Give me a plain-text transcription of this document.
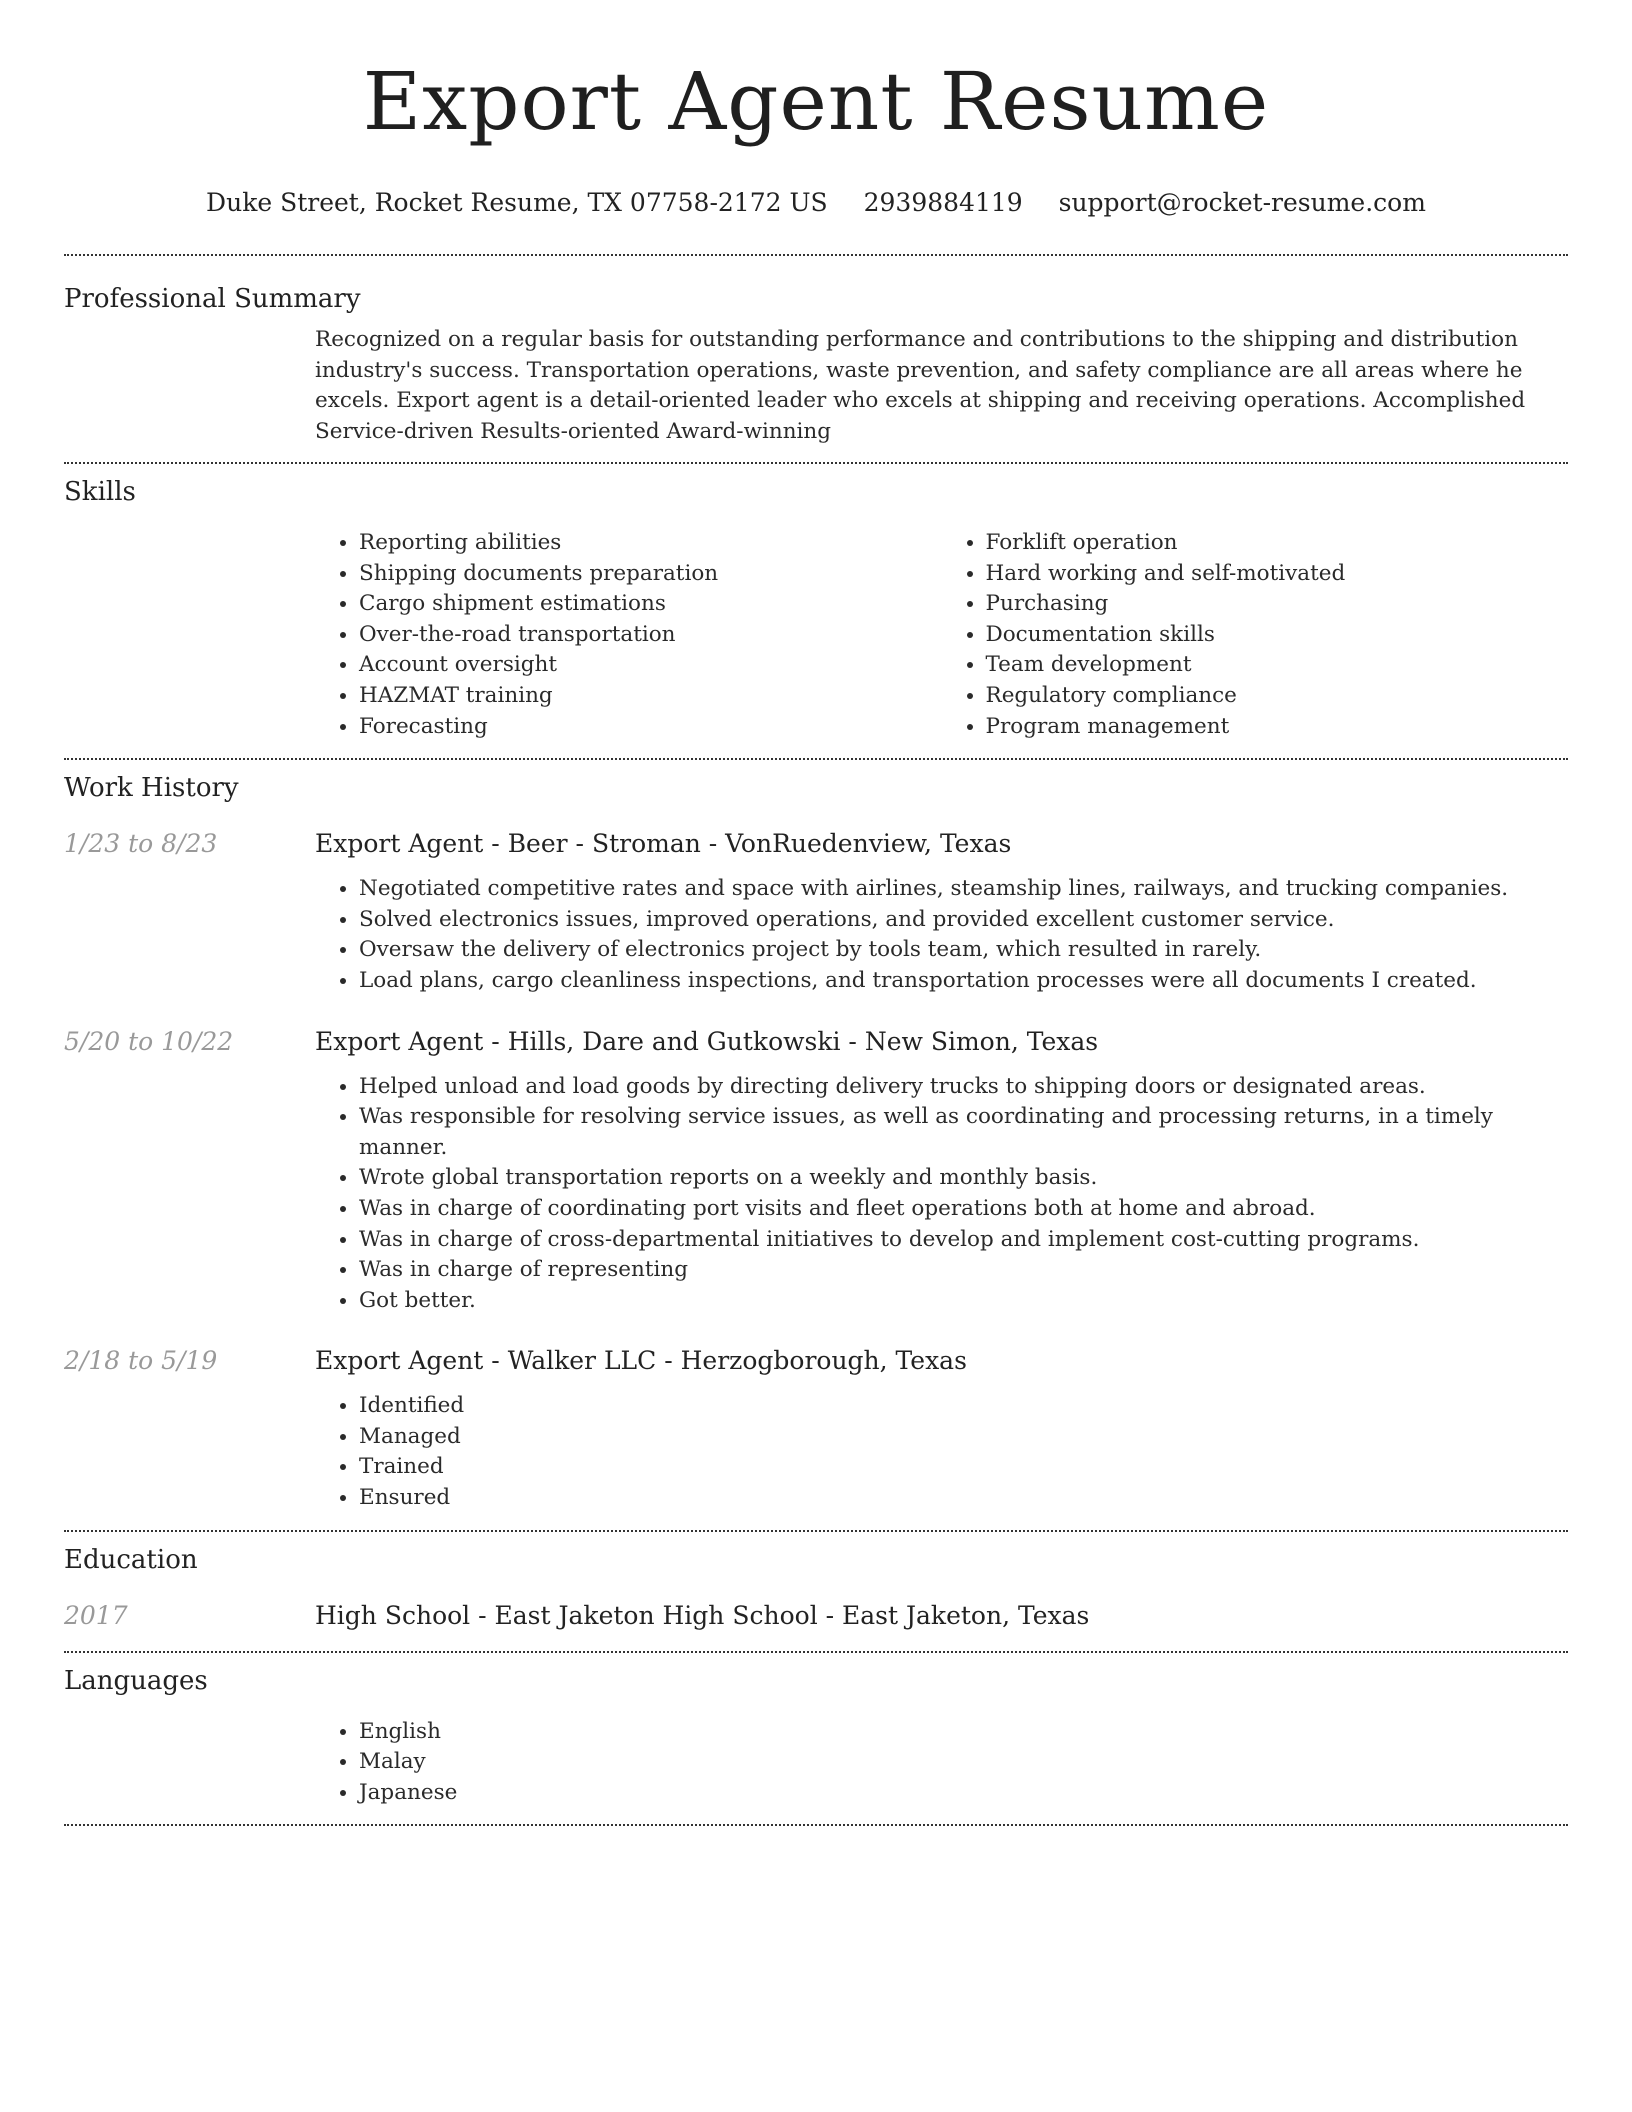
Export Agent Resume
Duke Street, Rocket Resume, TX 07758-2172 US 2939884119 support@rocket-resume.com
Professional Summary
Recognized on a regular basis for outstanding performance and contributions to the shipping and distribution industry's success. Transportation operations, waste prevention, and safety compliance are all areas where he excels. Export agent is a detail-oriented leader who excels at shipping and receiving operations. Accomplished Service-driven Results-oriented Award-winning
Skills
• Reporting abilities
• Shipping documents preparation
• Cargo shipment estimations
• Over-the-road transportation
• Account oversight
• HAZMAT training
• Forecasting
• Forklift operation
• Hard working and self-motivated
• Purchasing
• Documentation skills
• Team development
• Regulatory compliance
• Program management
Work History
1/23 to 8/23	Export Agent - Beer - Stroman - VonRuedenview, Texas
• Negotiated competitive rates and space with airlines, steamship lines, railways, and trucking companies.
• Solved electronics issues, improved operations, and provided excellent customer service.
• Oversaw the delivery of electronics project by tools team, which resulted in rarely.
• Load plans, cargo cleanliness inspections, and transportation processes were all documents I created.
5/20 to 10/22	Export Agent - Hills, Dare and Gutkowski - New Simon, Texas
• Helped unload and load goods by directing delivery trucks to shipping doors or designated areas.
• Was responsible for resolving service issues, as well as coordinating and processing returns, in a timely manner.
• Wrote global transportation reports on a weekly and monthly basis.
• Was in charge of coordinating port visits and fleet operations both at home and abroad.
• Was in charge of cross-departmental initiatives to develop and implement cost-cutting programs.
• Was in charge of representing
• Got better.
2/18 to 5/19	Export Agent - Walker LLC - Herzogborough, Texas
• Identified
• Managed
• Trained
• Ensured
Education
2017	High School - East Jaketon High School - East Jaketon, Texas
Languages
• English
• Malay
• Japanese
